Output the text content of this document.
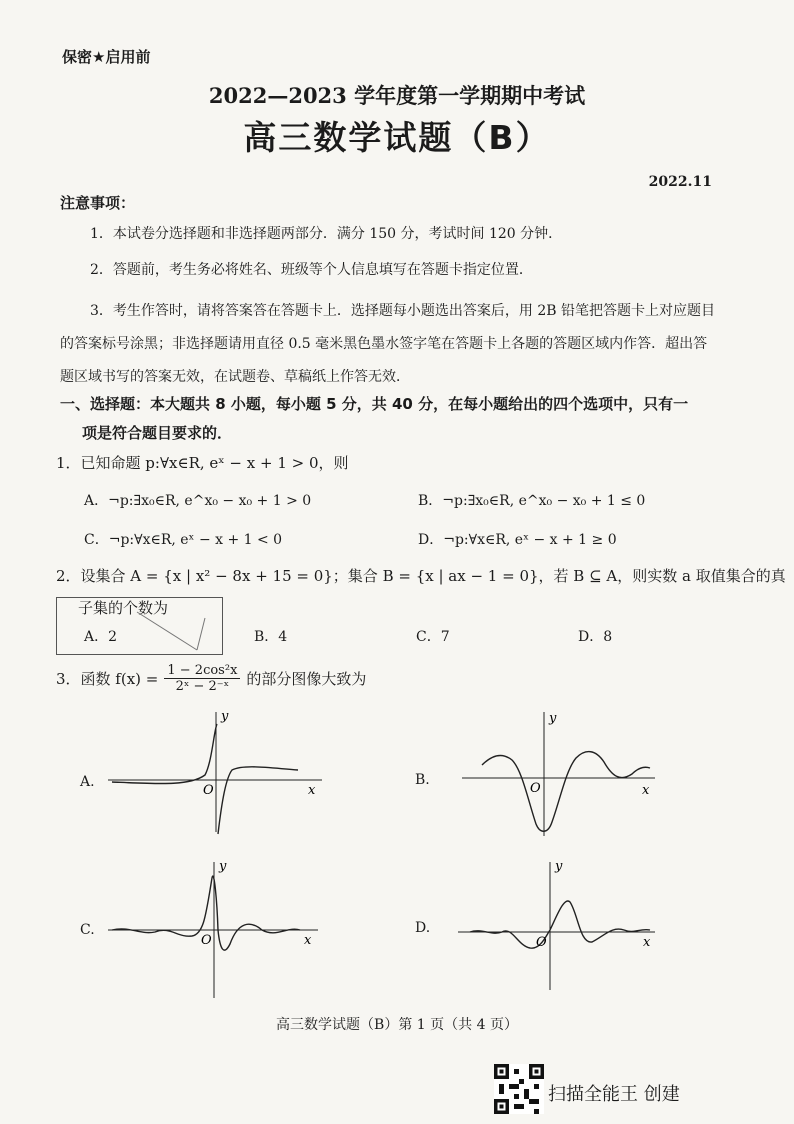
保密★启用前
2022—2023 学年度第一学期期中考试
高三数学试题（B）
2022.11
注意事项：
1．本试卷分选择题和非选择题两部分．满分 150 分，考试时间 120 分钟．
2．答题前，考生务必将姓名、班级等个人信息填写在答题卡指定位置．
3．考生作答时，请将答案答在答题卡上．选择题每小题选出答案后，用 2B 铅笔把答题卡上对应题目的答案标号涂黑；非选择题请用直径 0.5 毫米黑色墨水签字笔在答题卡上各题的答题区域内作答．超出答题区域书写的答案无效，在试题卷、草稿纸上作答无效．
一、选择题：本大题共 8 小题，每小题 5 分，共 40 分，在每小题给出的四个选项中，只有一
项是符合题目要求的．
1．已知命题 p:∀x∈R, eˣ − x + 1 > 0，则
A．¬p:∃x₀∈R, e^x₀ − x₀ + 1 > 0	B．¬p:∃x₀∈R, e^x₀ − x₀ + 1 ≤ 0
C．¬p:∀x∈R, eˣ − x + 1 < 0	D．¬p:∀x∈R, eˣ − x + 1 ≥ 0
2．设集合 A = {x | x² − 8x + 15 = 0}；集合 B = {x | ax − 1 = 0}，若 B ⊆ A，则实数 a 取值集合的真
子集的个数为
A．2	B．4	C．7	D．8
3．函数 $f(x) = \frac{\text{1 − 2cos²x}}{\text{2ˣ − 2⁻ˣ}}$ 的部分图像大致为
A.	B.
C.	D.
x
y
O	x
y
O
x
y
O	x
y
O
高三数学试题（B）第 1 页（共 4 页）
扫描全能王 创建
